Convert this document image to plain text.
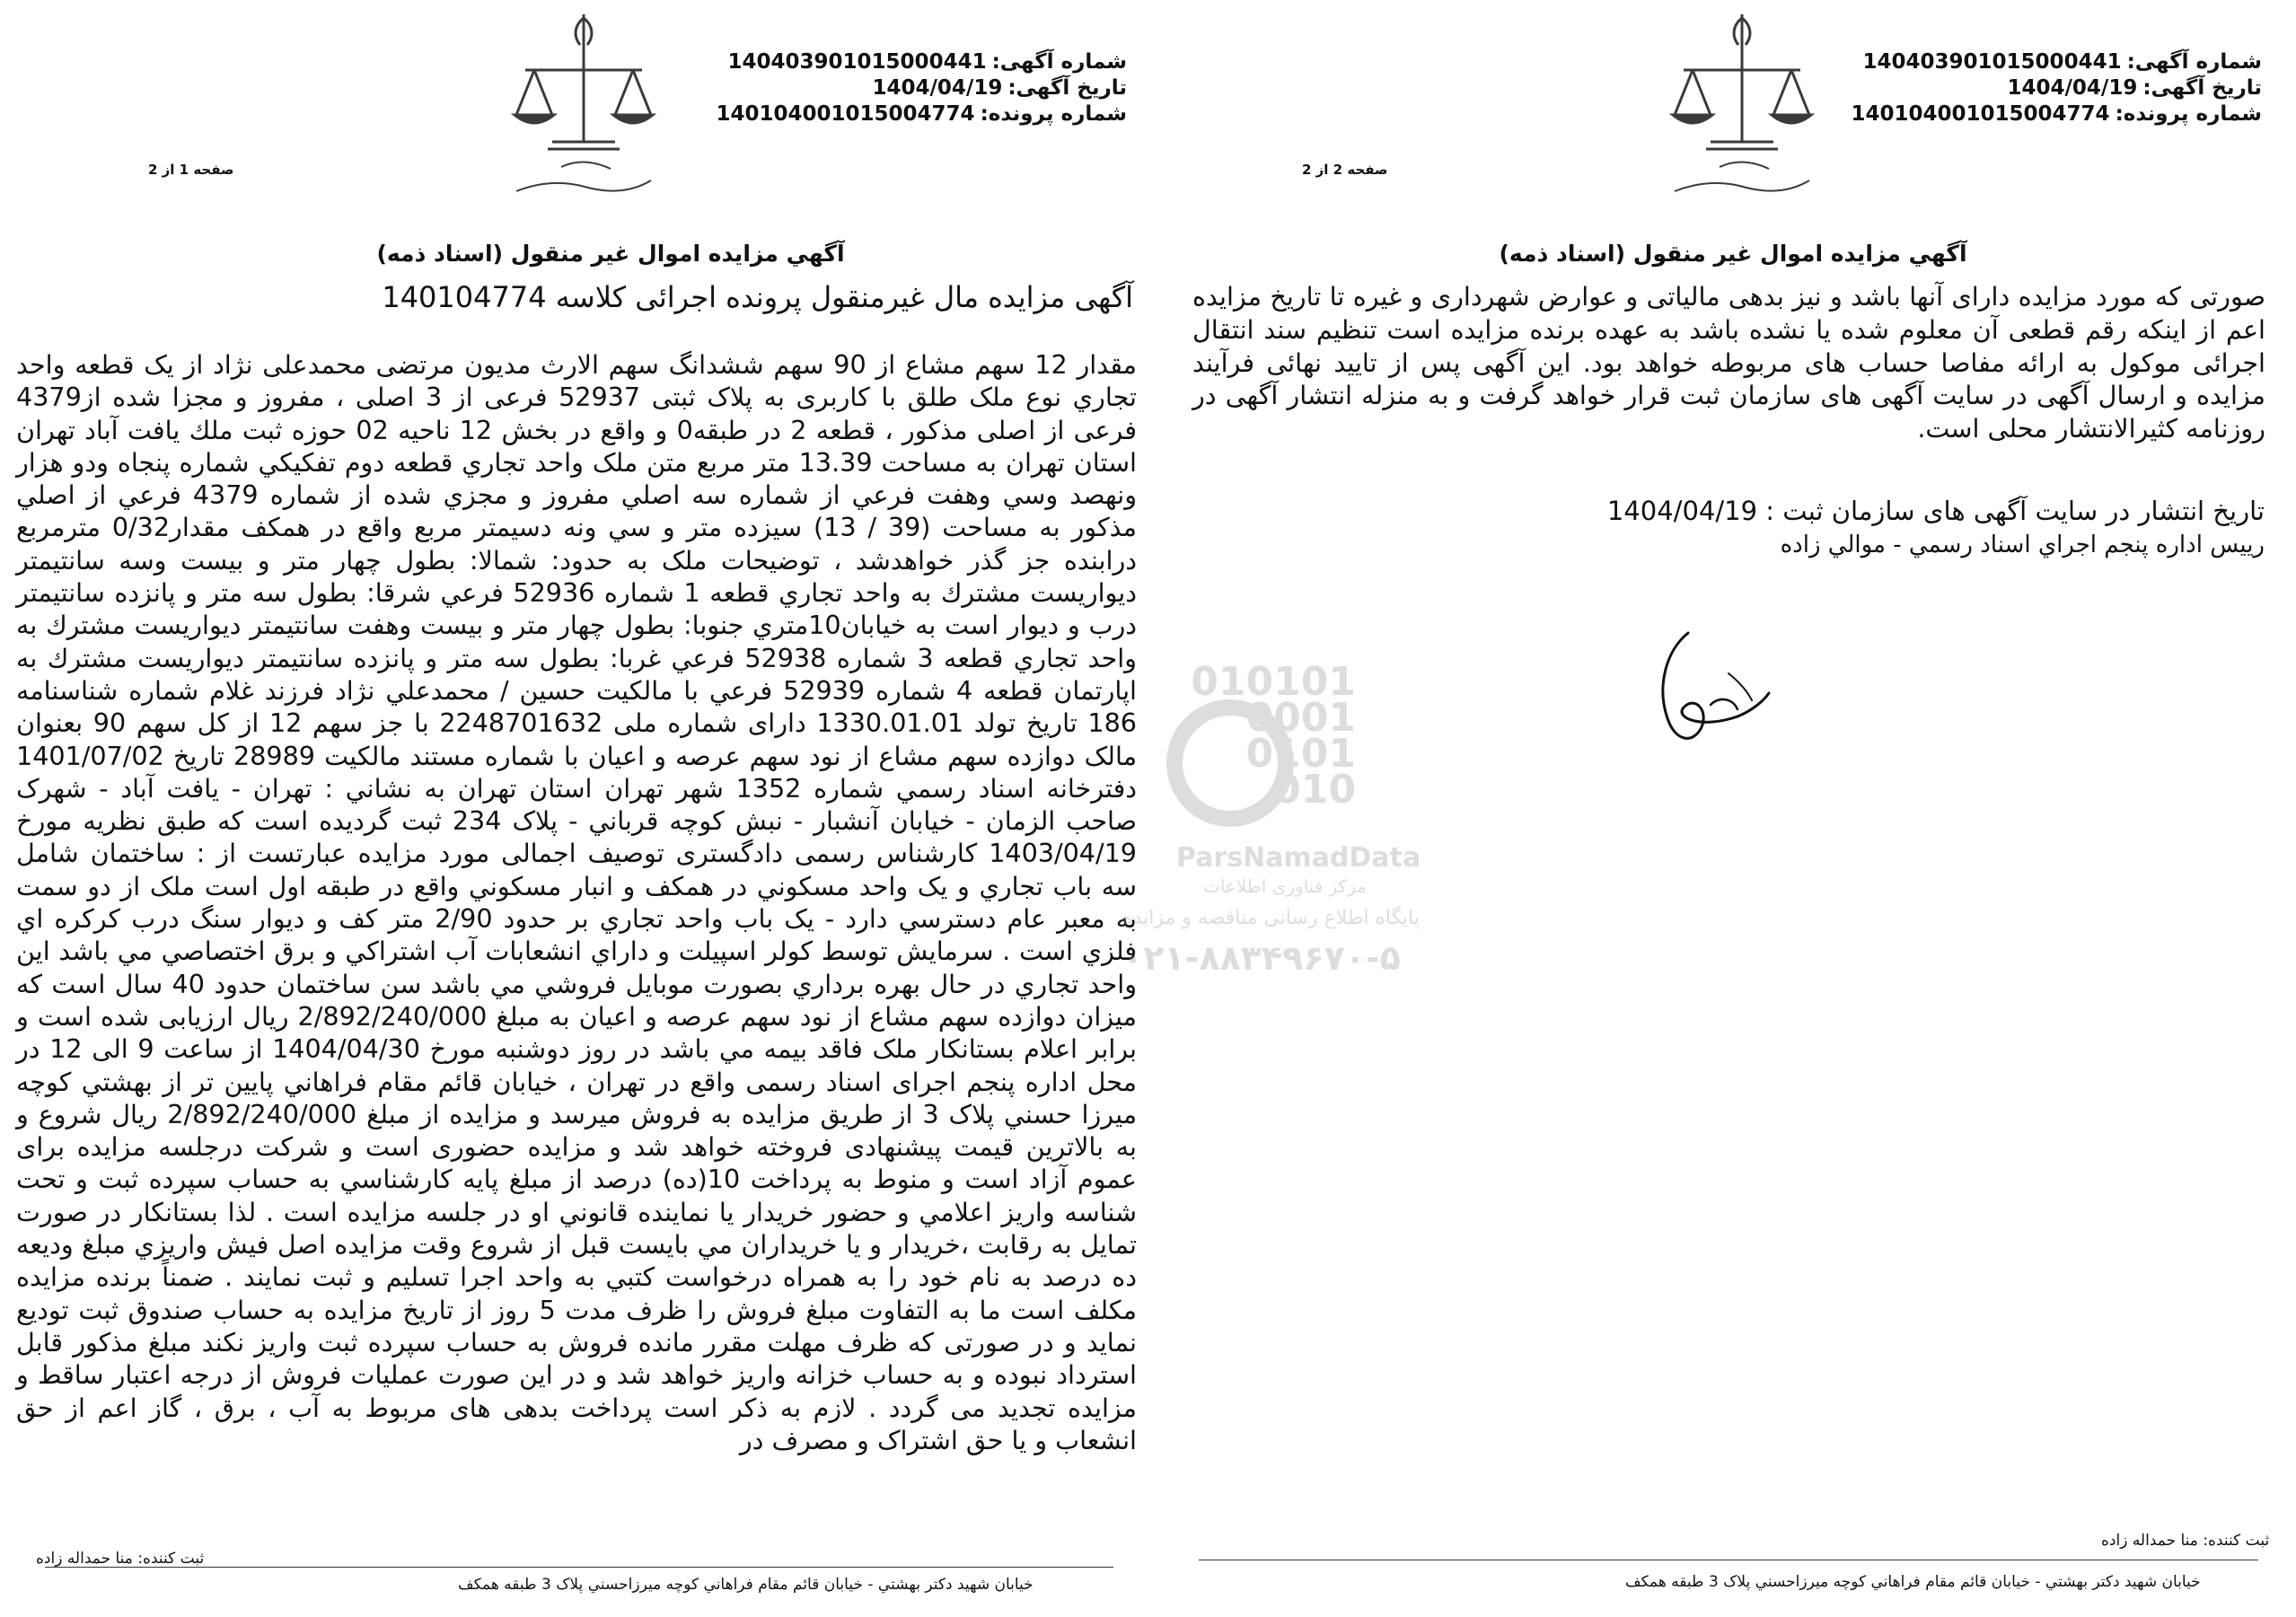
شماره آگهی:140403901015000441
تاریخ آگهی:1404/04/19
شماره پرونده:140104001015004774
صفحه 1 از 2
آگهي مزايده اموال غير منقول (اسناد ذمه)
آگهی مزایده مال غیرمنقول پرونده اجرائی کلاسه 140104774
مقدار 12 سهم مشاع از 90 سهم ششدانگ سهم الارث مدیون مرتضی محمدعلی نژاد از یک قطعه واحد تجاري نوع ملک طلق با کاربری به پلاک ثبتی 52937 فرعی از 3 اصلی ، مفروز و مجزا شده از4379 فرعی از اصلی مذکور ، قطعه 2 در طبقه0 و واقع در بخش 12 ناحیه 02 حوزه ثبت ملك یافت آباد تهران استان تهران به مساحت 13.39 متر مربع متن ملک واحد تجاري قطعه دوم تفکيکي شماره پنجاه ودو هزار ونهصد وسي وهفت فرعي از شماره سه اصلي مفروز و مجزي شده از شماره 4379 فرعي از اصلي مذکور به مساحت (39 / 13) سيزده متر و سي ونه دسيمتر مربع واقع در همکف مقدار0/32 مترمربع درابنده جز گذر خواهدشد ، توضیحات ملک به حدود: شمالا: بطول چهار متر و بيست وسه سانتيمتر ديواريست مشترك به واحد تجاري قطعه 1 شماره 52936 فرعي شرقا: بطول سه متر و پانزده سانتيمتر درب و ديوار است به خيابان10متري جنوبا: بطول چهار متر و بيست وهفت سانتيمتر ديواريست مشترك به واحد تجاري قطعه 3 شماره 52938 فرعي غربا: بطول سه متر و پانزده سانتيمتر ديواريست مشترك به اپارتمان قطعه 4 شماره 52939 فرعي با مالکیت حسین / محمدعلي نژاد فرزند غلام شماره شناسنامه 186 تاریخ تولد 1330.01.01 دارای شماره ملی 2248701632 با جز سهم 12 از کل سهم 90 بعنوان مالک دوازده سهم مشاع از نود سهم عرصه و اعیان با شماره مستند مالکیت 28989 تاریخ 1401/07/02 دفترخانه اسناد رسمي شماره 1352 شهر تهران استان تهران به نشاني : تهران - يافت آباد - شهرک صاحب الزمان - خيابان آنشبار - نبش کوچه قرباني - پلاک 234 ثبت گرديده است که طبق نظريه مورخ 1403/04/19 کارشناس رسمی دادگستری توصیف اجمالی مورد مزایده عبارتست از : ساختمان شامل سه باب تجاري و يک واحد مسکوني در همکف و انبار مسکوني واقع در طبقه اول است ملک از دو سمت به معبر عام دسترسي دارد - يک باب واحد تجاري بر حدود 2/90 متر کف و ديوار سنگ درب کرکره اي فلزي است . سرمايش توسط کولر اسپيلت و داراي انشعابات آب اشتراکي و برق اختصاصي مي باشد اين واحد تجاري در حال بهره برداري بصورت موبايل فروشي مي باشد سن ساختمان حدود 40 سال است که ميزان دوازده سهم مشاع از نود سهم عرصه و اعيان به مبلغ 2/892/240/000 ريال ارزيابی شده است و برابر اعلام بستانکار ملک فاقد بيمه مي باشد در روز دوشنبه مورخ 1404/04/30 از ساعت 9 الی 12 در محل اداره پنجم اجرای اسناد رسمی واقع در تهران ، خيابان قائم مقام فراهاني پايين تر از بهشتي کوچه ميرزا حسني پلاک 3 از طريق مزايده به فروش ميرسد و مزايده از مبلغ 2/892/240/000 ريال شروع و به بالاترين قيمت پيشنهادی فروخته خواهد شد و مزايده حضوری است و شرکت درجلسه مزايده برای عموم آزاد است و منوط به پرداخت 10(ده) درصد از مبلغ پايه کارشناسي به حساب سپرده ثبت و تحت شناسه واريز اعلامي و حضور خريدار يا نماينده قانوني او در جلسه مزايده است . لذا بستانکار در صورت تمايل به رقابت ،خريدار و يا خريداران مي بايست قبل از شروع وقت مزايده اصل فيش واريزي مبلغ وديعه ده درصد به نام خود را به همراه درخواست کتبي به واحد اجرا تسليم و ثبت نمايند . ضمناً برنده مزايده مکلف است ما به التفاوت مبلغ فروش را ظرف مدت 5 روز از تاريخ مزايده به حساب صندوق ثبت توديع نمايد و در صورتی که ظرف مهلت مقرر مانده فروش به حساب سپرده ثبت واريز نکند مبلغ مذکور قابل استرداد نبوده و به حساب خزانه واريز خواهد شد و در اين صورت عمليات فروش از درجه اعتبار ساقط و مزايده تجديد می گردد . لازم به ذکر است پرداخت بدهی های مربوط به آب ، برق ، گاز اعم از حق انشعاب و يا حق اشتراک و مصرف در
ثبت کننده: منا حمداله زاده
خيابان شهيد دکتر بهشتي - خيابان قائم مقام فراهاني کوچه ميرزاحسني پلاک 3 طبقه همکف
شماره آگهی:140403901015000441
تاریخ آگهی:1404/04/19
شماره پرونده:140104001015004774
صفحه 2 از 2
آگهي مزايده اموال غير منقول (اسناد ذمه)
صورتی که مورد مزایده دارای آنها باشد و نیز بدهی مالیاتی و عوارض شهرداری و غیره تا تاریخ مزایده اعم از اینکه رقم قطعی آن معلوم شده یا نشده باشد به عهده برنده مزایده است تنظیم سند انتقال اجرائی موکول به ارائه مفاصا حساب های مربوطه خواهد بود. این آگهی پس از تایید نهائی فرآیند مزایده و ارسال آگهی در سایت آگهی های سازمان ثبت قرار خواهد گرفت و به منزله انتشار آگهی در روزنامه کثیرالانتشار محلی است.
تاریخ انتشار در سایت آگهی های سازمان ثبت : 1404/04/19
رييس اداره پنجم اجراي اسناد رسمي - موالي زاده
ثبت کننده: منا حمداله زاده
خيابان شهيد دکتر بهشتي - خيابان قائم مقام فراهاني کوچه ميرزاحسني پلاک 3 طبقه همکف
010101
0001
0101
010
ParsNamadData
مرکز فناوری اطلاعات
پایگاه اطلاع رسانی مناقصه و مزایده
۰۲۱-۸۸۳۴۹۶۷۰-۵
